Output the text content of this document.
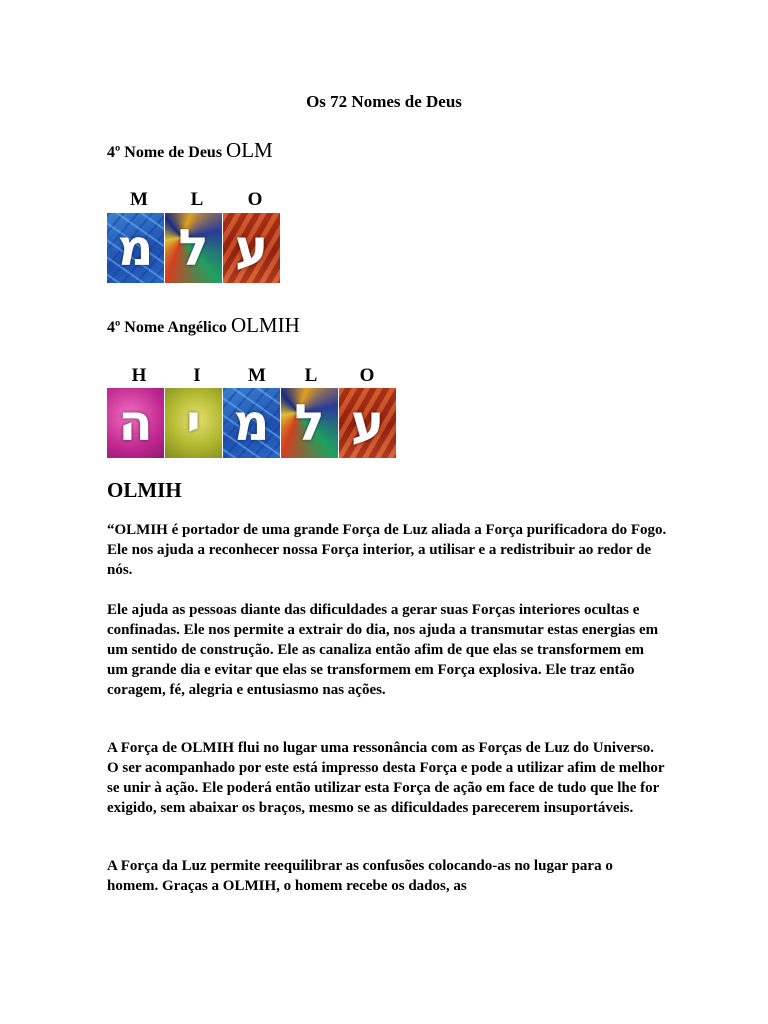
Os 72 Nomes de Deus
4º Nome de Deus OLM
M	L	O
מ ל ע
4º Nome Angélico OLMIH
H	I	M	L	O
ה י מ ל ע
OLMIH

“OLMIH é portador de uma grande Força de Luz aliada a Força purificadora do Fogo. Ele nos ajuda a reconhecer nossa Força interior, a utilisar e a redistribuir ao redor de nós.

Ele ajuda as pessoas diante das dificuldades a gerar suas Forças interiores ocultas e confinadas. Ele nos permite a extrair do dia, nos ajuda a transmutar estas energias em um sentido de construção. Ele as canaliza então afim de que elas se transformem em um grande dia e evitar que elas se transformem em Força explosiva. Ele traz então coragem, fé, alegria e entusiasmo nas ações.

A Força de OLMIH flui no lugar uma ressonância com as Forças de Luz do Universo. O ser acompanhado por este está impresso desta Força e pode a utilizar afim de melhor se unir à ação. Ele poderá então utilizar esta Força de ação em face de tudo que lhe for exigido, sem abaixar os braços, mesmo se as dificuldades parecerem insuportáveis.

A Força da Luz permite reequilibrar as confusões colocando-as no lugar para o homem. Graças a OLMIH, o homem recebe os dados, as
